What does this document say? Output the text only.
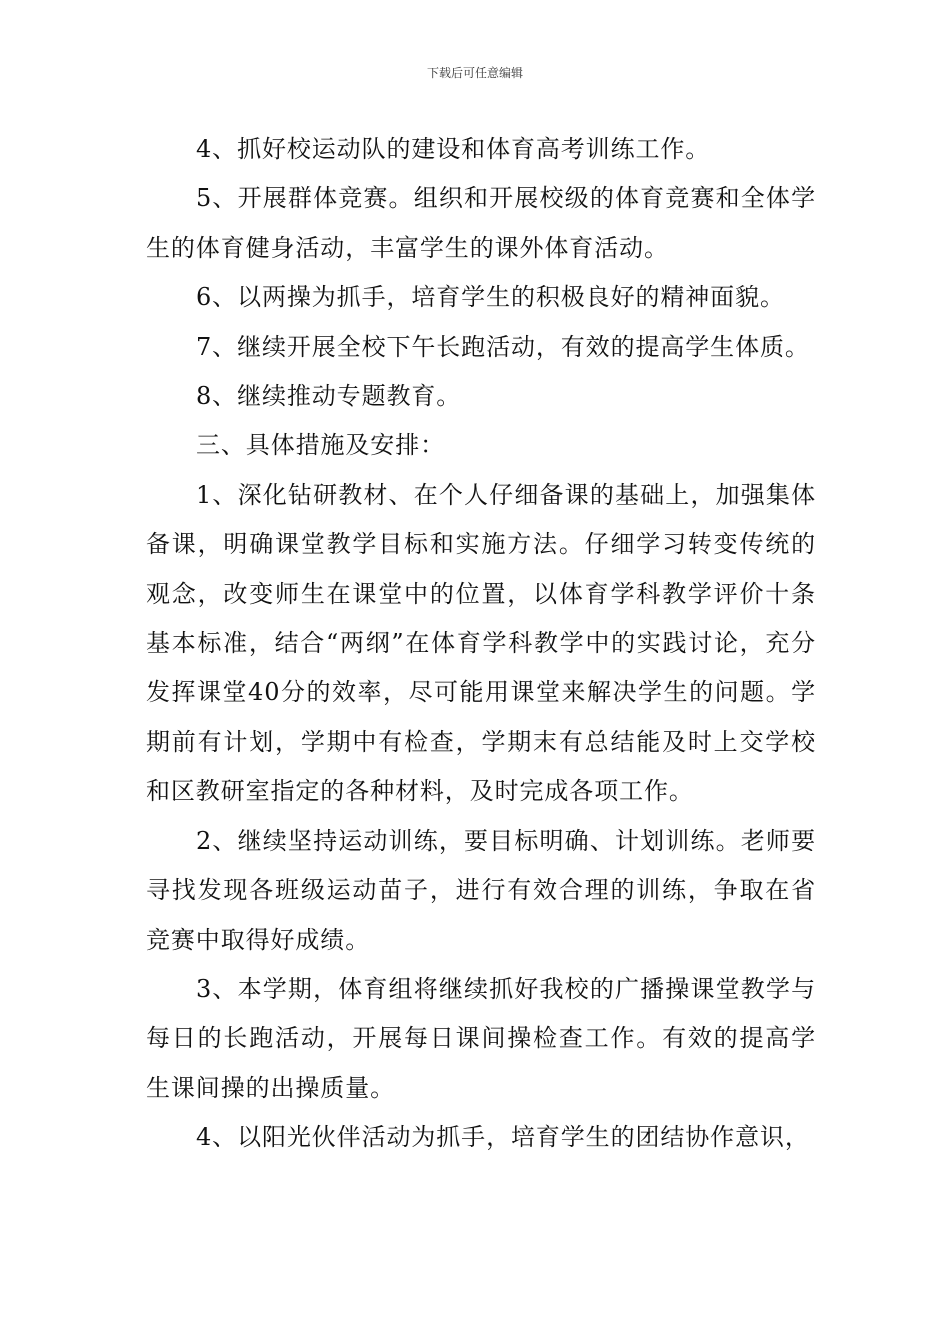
下载后可任意编辑

4、抓好校运动队的建设和体育高考训练工作。

5、开展群体竞赛。组织和开展校级的体育竞赛和全体学生的体育健身活动，丰富学生的课外体育活动。

6、以两操为抓手，培育学生的积极良好的精神面貌。

7、继续开展全校下午长跑活动，有效的提高学生体质。

8、继续推动专题教育。

三、具体措施及安排：

1、深化钻研教材、在个人仔细备课的基础上，加强集体备课，明确课堂教学目标和实施方法。仔细学习转变传统的观念，改变师生在课堂中的位置，以体育学科教学评价十条基本标准，结合“两纲”在体育学科教学中的实践讨论，充分发挥课堂40分的效率，尽可能用课堂来解决学生的问题。学期前有计划，学期中有检查，学期末有总结能及时上交学校和区教研室指定的各种材料，及时完成各项工作。

2、继续坚持运动训练，要目标明确、计划训练。老师要寻找发现各班级运动苗子，进行有效合理的训练，争取在省竞赛中取得好成绩。

3、本学期，体育组将继续抓好我校的广播操课堂教学与每日的长跑活动，开展每日课间操检查工作。有效的提高学生课间操的出操质量。

4、以阳光伙伴活动为抓手，培育学生的团结协作意识，
